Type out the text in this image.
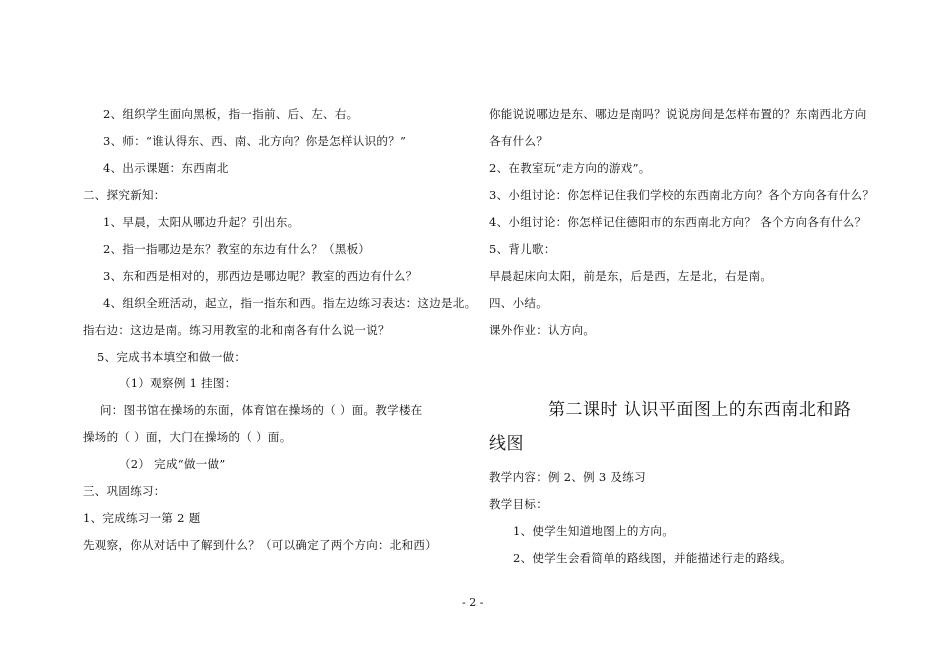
2、组织学生面向黑板，指一指前、后、左、右。
3、师：“谁认得东、西、南、北方向？你是怎样认识的？”
4、出示课题：东西南北
二、探究新知：
1、早晨，太阳从哪边升起？引出东。
2、指一指哪边是东？教室的东边有什么？（黑板）
3、东和西是相对的，那西边是哪边呢？教室的西边有什么？
4、组织全班活动，起立，指一指东和西。指左边练习表达：这边是北。
指右边：这边是南。练习用教室的北和南各有什么说一说？
5、完成书本填空和做一做：
（1）观察例 1 挂图：
问：图书馆在操场的东面，体育馆在操场的（ ）面。教学楼在
操场的（ ）面，大门在操场的（ ）面。
（2） 完成“做一做”
三、巩固练习：
1、完成练习一第 2 题
先观察，你从对话中了解到什么？（可以确定了两个方向：北和西）
你能说说哪边是东、哪边是南吗？说说房间是怎样布置的？东南西北方向
各有什么？
2、在教室玩“走方向的游戏”。
3、小组讨论：你怎样记住我们学校的东西南北方向？各个方向各有什么？
4、小组讨论：你怎样记住德阳市的东西南北方向？ 各个方向各有什么？
5、背儿歌：
早晨起床向太阳，前是东，后是西，左是北，右是南。
四、小结。
课外作业：认方向。
第二课时 认识平面图上的东西南北和路
线图
教学内容：例 2、例 3 及练习
教学目标：
1、使学生知道地图上的方向。
2、使学生会看简单的路线图，并能描述行走的路线。
- 2 -
